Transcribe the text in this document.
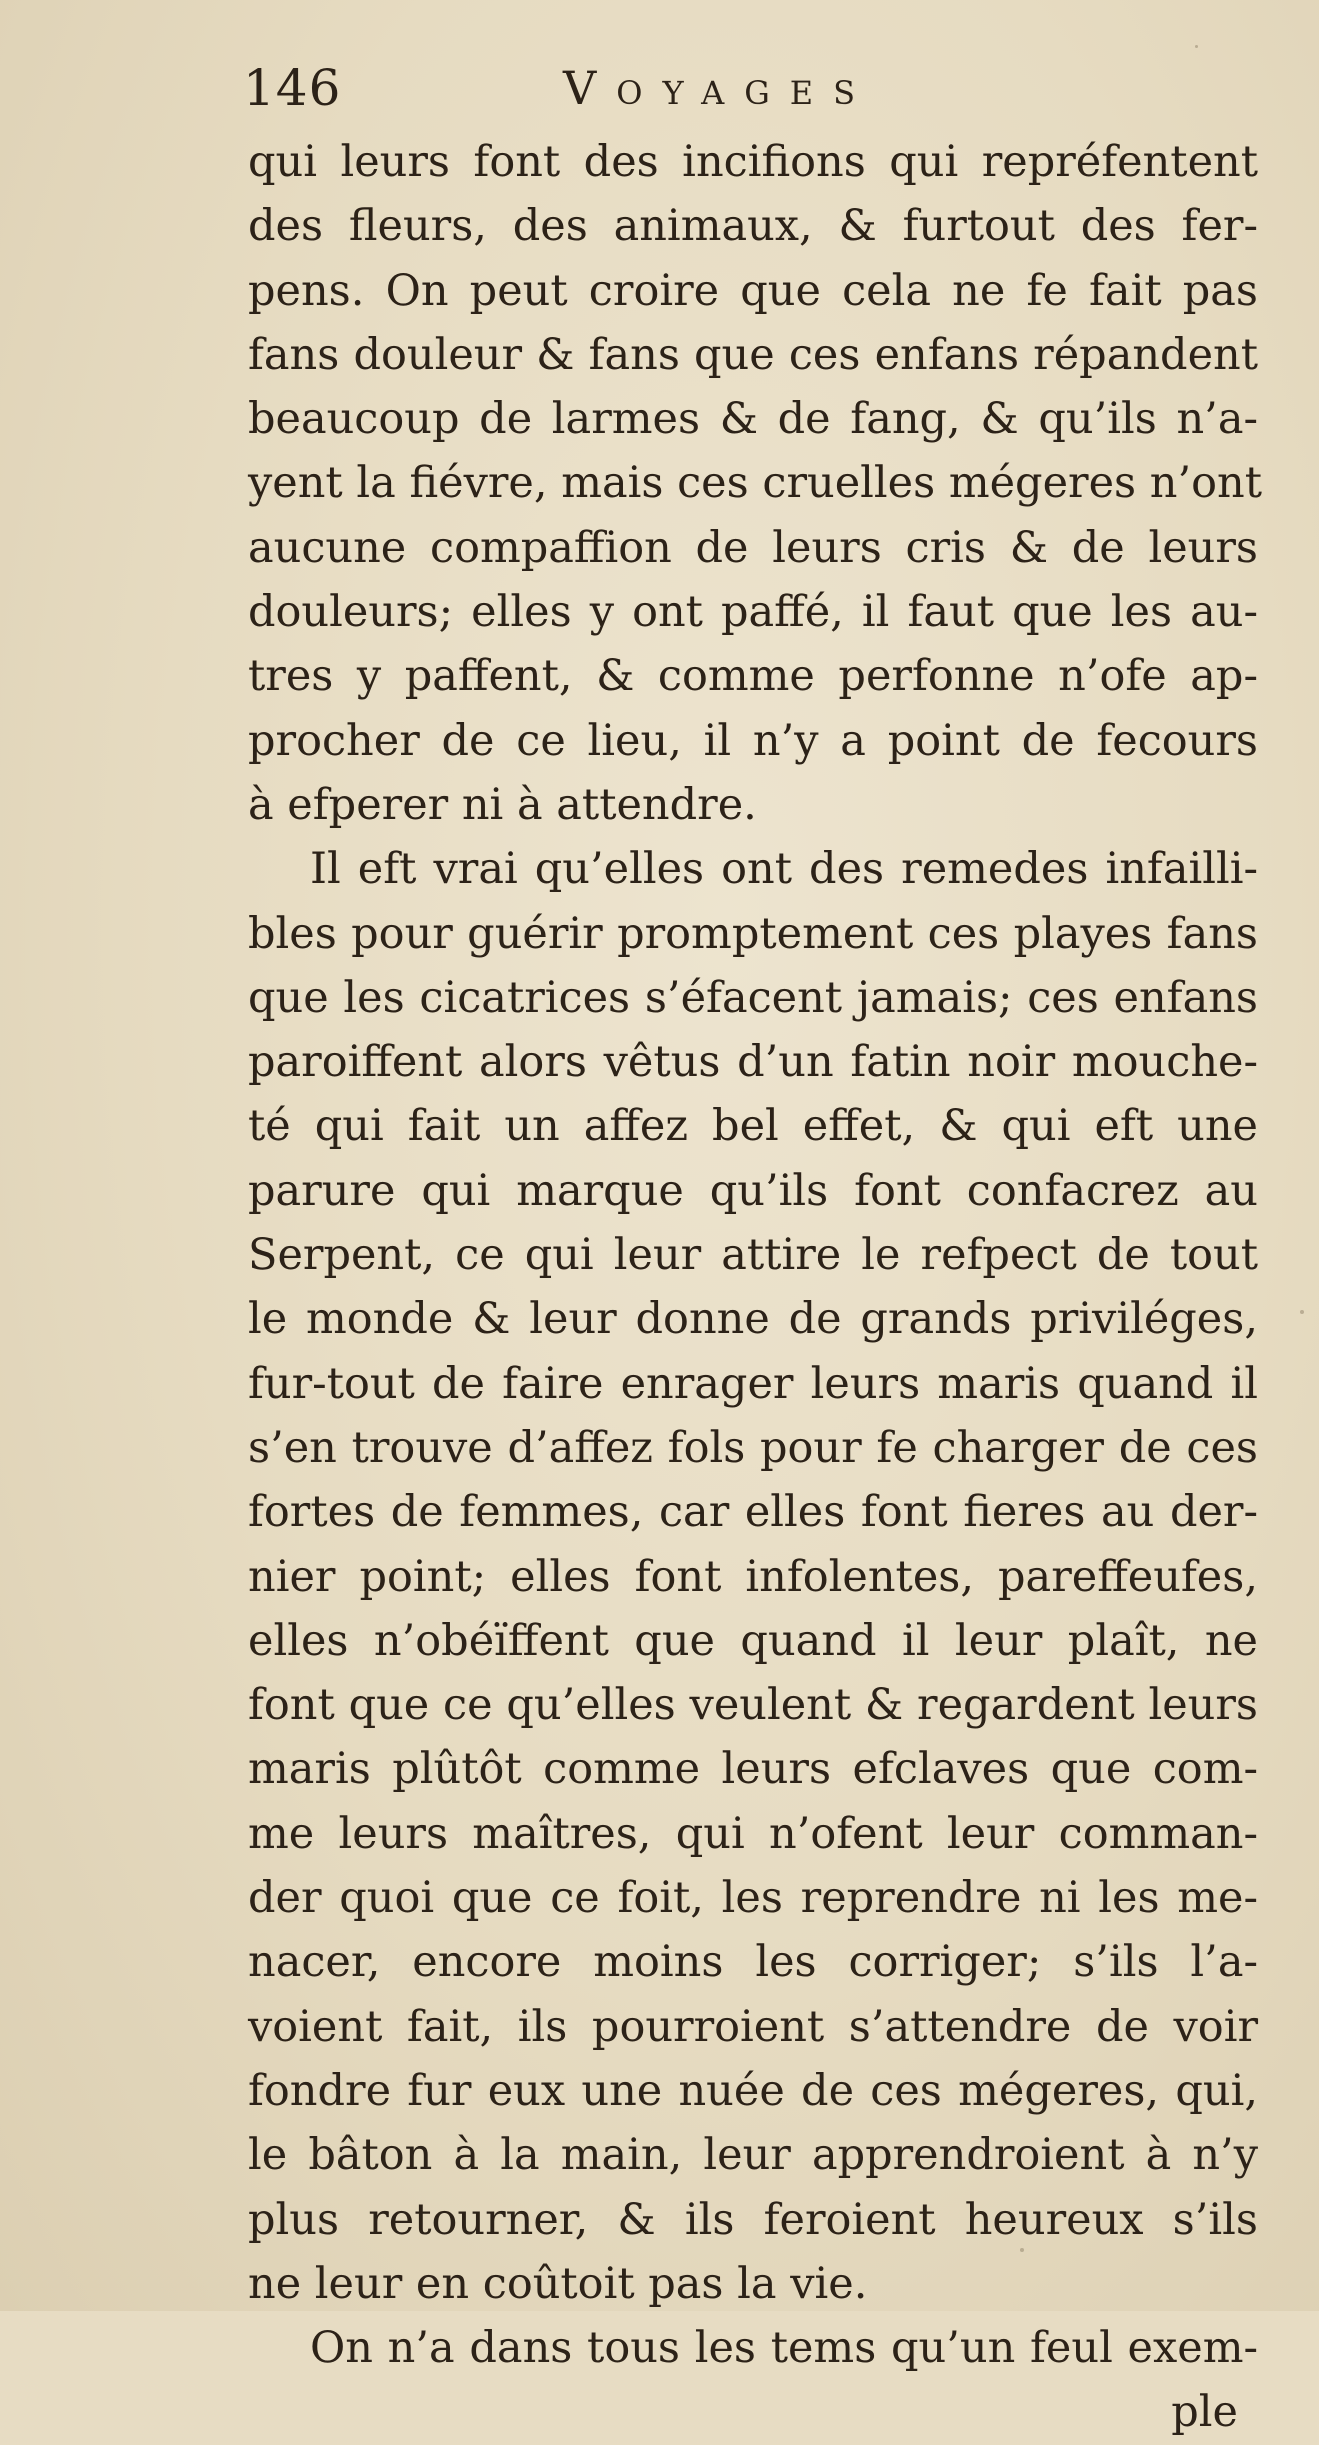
146	Voyages
qui leurs font des incifions qui repréfentent
des fleurs, des animaux, & furtout des fer-
pens. On peut croire que cela ne fe fait pas
fans douleur & fans que ces enfans répandent
beaucoup de larmes & de fang, & qu’ils n’a-
yent la fiévre, mais ces cruelles mégeres n’ont
aucune compaffion de leurs cris & de leurs
douleurs; elles y ont paffé, il faut que les au-
tres y paffent, & comme perfonne n’ofe ap-
procher de ce lieu, il n’y a point de fecours
à efperer ni à attendre.
Il eft vrai qu’elles ont des remedes infailli-
bles pour guérir promptement ces playes fans
que les cicatrices s’éfacent jamais; ces enfans
paroiffent alors vêtus d’un fatin noir mouche-
té qui fait un affez bel effet, & qui eft une
parure qui marque qu’ils font confacrez au
Serpent, ce qui leur attire le refpect de tout
le monde & leur donne de grands priviléges,
fur-tout de faire enrager leurs maris quand il
s’en trouve d’affez fols pour fe charger de ces
fortes de femmes, car elles font fieres au der-
nier point; elles font infolentes, pareffeufes,
elles n’obéïffent que quand il leur plaît, ne
font que ce qu’elles veulent & regardent leurs
maris plûtôt comme leurs efclaves que com-
me leurs maîtres, qui n’ofent leur comman-
der quoi que ce foit, les reprendre ni les me-
nacer, encore moins les corriger; s’ils l’a-
voient fait, ils pourroient s’attendre de voir
fondre fur eux une nuée de ces mégeres, qui,
le bâton à la main, leur apprendroient à n’y
plus retourner, & ils feroient heureux s’ils
ne leur en coûtoit pas la vie.
On n’a dans tous les tems qu’un feul exem-
ple
